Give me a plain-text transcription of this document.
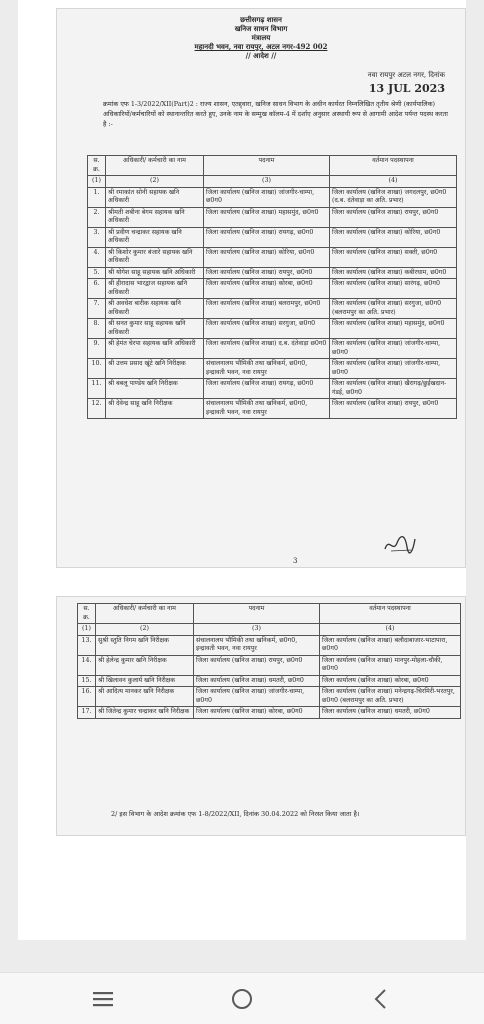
छत्तीसगढ़ शासन
खनिज साधन विभाग
मंत्रालय
महानदी भवन, नवा रायपुर, अटल नगर-492 002
// आदेश //
नवा रायपुर अटल नगर, दिनांक
13 JUL 2023
क्रमांक एफ 1-3/2022/XII(Part)2 : राज्य शासन, एतद्द्वारा, खनिज साधन विभाग के अधीन कार्यरत निम्नलिखित तृतीय श्रेणी (कार्यपालिक) अधिकारियों/कर्मचारियों को स्थानान्तरित करते हुए, उनके नाम के सम्मुख कॉलम-4 में दर्शाए अनुसार अस्थायी रूप से आगामी आदेश पर्यन्त पदस्थ करता है :-
स. क्र.	अधिकारी/ कर्मचारी का नाम	पदनाम	वर्तमान पदस्थापना
(1)	(2)	(3)	(4)
1.	श्री रमाकांत सोनी सहायक खनि अधिकारी	जिला कार्यालय (खनिज शाखा) जांजगीर-चाम्पा, छ0ग0	जिला कार्यालय (खनिज शाखा) जगदलपुर, छ0ग0 (द.ब. दंतेवाड़ा का अति. प्रभार)
2.	श्रीमती शबीना बेगम सहायक खनि अधिकारी	जिला कार्यालय (खनिज शाखा) महासमुंद, छ0ग0	जिला कार्यालय (खनिज शाखा) रायपुर, छ0ग0
3.	श्री प्रवीण चन्द्राकर सहायक खनि अधिकारी	जिला कार्यालय (खनिज शाखा) रायगढ़, छ0ग0	जिला कार्यालय (खनिज शाखा) कोरिया, छ0ग0
4.	श्री किशोर कुमार बंजारे सहायक खनि अधिकारी	जिला कार्यालय (खनिज शाखा) कोरिया, छ0ग0	जिला कार्यालय (खनिज शाखा) सक्ती, छ0ग0
5.	श्री योगेश साहू सहायक खनि अधिकारी	जिला कार्यालय (खनिज शाखा) रायपुर, छ0ग0	जिला कार्यालय (खनिज शाखा) कबीरधाम, छ0ग0
6.	श्री हीरादास भारद्वाज सहायक खनि अधिकारी	जिला कार्यालय (खनिज शाखा) कोरबा, छ0ग0	जिला कार्यालय (खनिज शाखा) सारंगढ़, छ0ग0
7.	श्री अवधेश बारीक सहायक खनि अधिकारी	जिला कार्यालय (खनिज शाखा) बलरामपुर, छ0ग0	जिला कार्यालय (खनिज शाखा) सरगुजा, छ0ग0 (बलरामपुर का अति. प्रभार)
8.	श्री सनत कुमार साहू सहायक खनि अधिकारी	जिला कार्यालय (खनिज शाखा) सरगुजा, छ0ग0	जिला कार्यालय (खनिज शाखा) महासमुंद, छ0ग0
9.	श्री हेमंत चेरपा सहायक खनि अधिकारी	जिला कार्यालय (खनिज शाखा) द.ब. दंतेवाड़ा छ0ग0	जिला कार्यालय (खनिज शाखा) जांजगीर-चाम्पा, छ0ग0
10.	श्री उत्तम प्रसाद खूंटे खनि निरीक्षक	संचालनालय भौमिकी तथा खनिकर्म, छ0ग0, इन्द्रावती भवन, नवा रायपुर	जिला कार्यालय (खनिज शाखा) जांजगीर-चाम्पा, छ0ग0
11.	श्री बबलू पाण्डेय खनि निरीक्षक	जिला कार्यालय (खनिज शाखा) रायगढ़, छ0ग0	जिला कार्यालय (खनिज शाखा) खैरागढ़/छुईखदान-गंडई, छ0ग0
12.	श्री देवेन्द्र साहू खनि निरीक्षक	संचालनालय भौमिकी तथा खनिकर्म, छ0ग0, इन्द्रावती भवन, नवा रायपुर	जिला कार्यालय (खनिज शाखा) रायपुर, छ0ग0
3
स. क्र.	अधिकारी/ कर्मचारी का नाम	पदनाम	वर्तमान पदस्थापना
(1)	(2)	(3)	(4)
13.	सुश्री स्तुति निगम खनि निरीक्षक	संचालनालय भौमिकी तथा खनिकर्म, छ0ग0, इन्द्रावती भवन, नवा रायपुर	जिला कार्यालय (खनिज शाखा) बलौदाबाजार-भाटापारा, छ0ग0
14.	श्री हेलेन्द्र कुमार खनि निरीक्षक	जिला कार्यालय (खनिज शाखा) रायपुर, छ0ग0	जिला कार्यालय (खनिज शाखा) मानपुर-मोहला-चौकी, छ0ग0
15.	श्री खिलावन कुलार्य खनि निरीक्षक	जिला कार्यालय (खनिज शाखा) धमतरी, छ0ग0	जिला कार्यालय (खनिज शाखा) कोरबा, छ0ग0
16.	श्री आदित्य मानकर खनि निरीक्षक	जिला कार्यालय (खनिज शाखा) जांजगीर-चाम्पा, छ0ग0	जिला कार्यालय (खनिज शाखा) मनेन्द्रगढ़-चिरमिरी-भरतपुर, छ0ग0 (बलरामपुर का अति. प्रभार)
17.	श्री जितेन्द्र कुमार चन्द्राकर खनि निरीक्षक	जिला कार्यालय (खनिज शाखा) कोरबा, छ0ग0	जिला कार्यालय (खनिज शाखा) धमतरी, छ0ग0
2/ इस विभाग के आदेश क्रमांक एफ 1-8/2022/XII, दिनांक 30.04.2022 को निरस्त किया जाता है।
